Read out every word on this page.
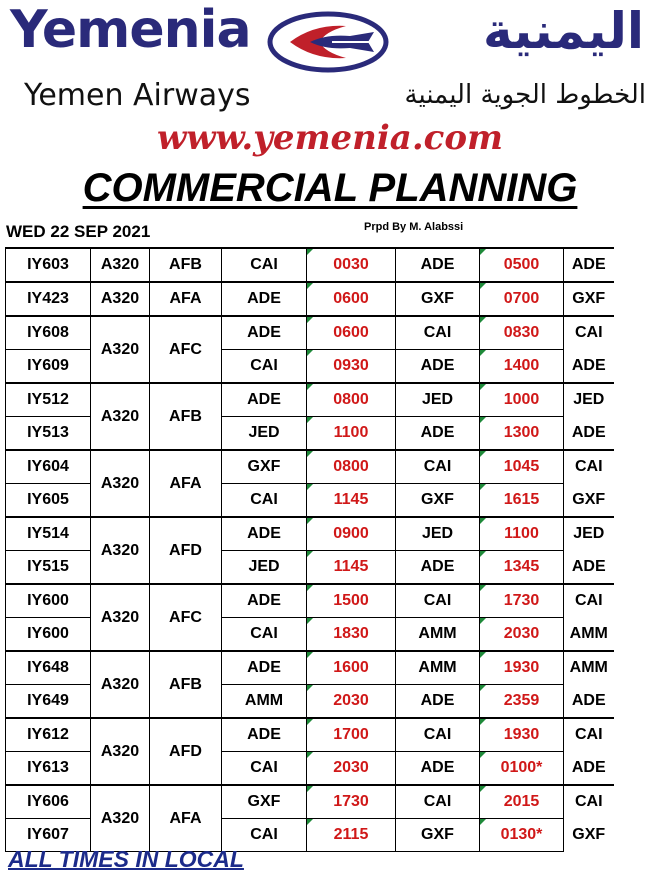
Yemenia	اليمنية
Yemen Airways	الخطوط الجوية اليمنية
www.yemenia.com
COMMERCIAL PLANNING
WED 22 SEP 2021	Prpd By M. Alabssi
IY603	A320	AFB	CAI	0030	ADE	0500	ADE
IY423	A320	AFA	ADE	0600	GXF	0700	GXF
IY608	A320	AFC	ADE	0600	CAI	0830	CAI
IY609			CAI	0930	ADE	1400	ADE
IY512	A320	AFB	ADE	0800	JED	1000	JED
IY513			JED	1100	ADE	1300	ADE
IY604	A320	AFA	GXF	0800	CAI	1045	CAI
IY605			CAI	1145	GXF	1615	GXF
IY514	A320	AFD	ADE	0900	JED	1100	JED
IY515			JED	1145	ADE	1345	ADE
IY600	A320	AFC	ADE	1500	CAI	1730	CAI
IY600			CAI	1830	AMM	2030	AMM
IY648	A320	AFB	ADE	1600	AMM	1930	AMM
IY649			AMM	2030	ADE	2359	ADE
IY612	A320	AFD	ADE	1700	CAI	1930	CAI
IY613			CAI	2030	ADE	0100*	ADE
IY606	A320	AFA	GXF	1730	CAI	2015	CAI
IY607			CAI	2115	GXF	0130*	GXF
ALL TIMES IN LOCAL
